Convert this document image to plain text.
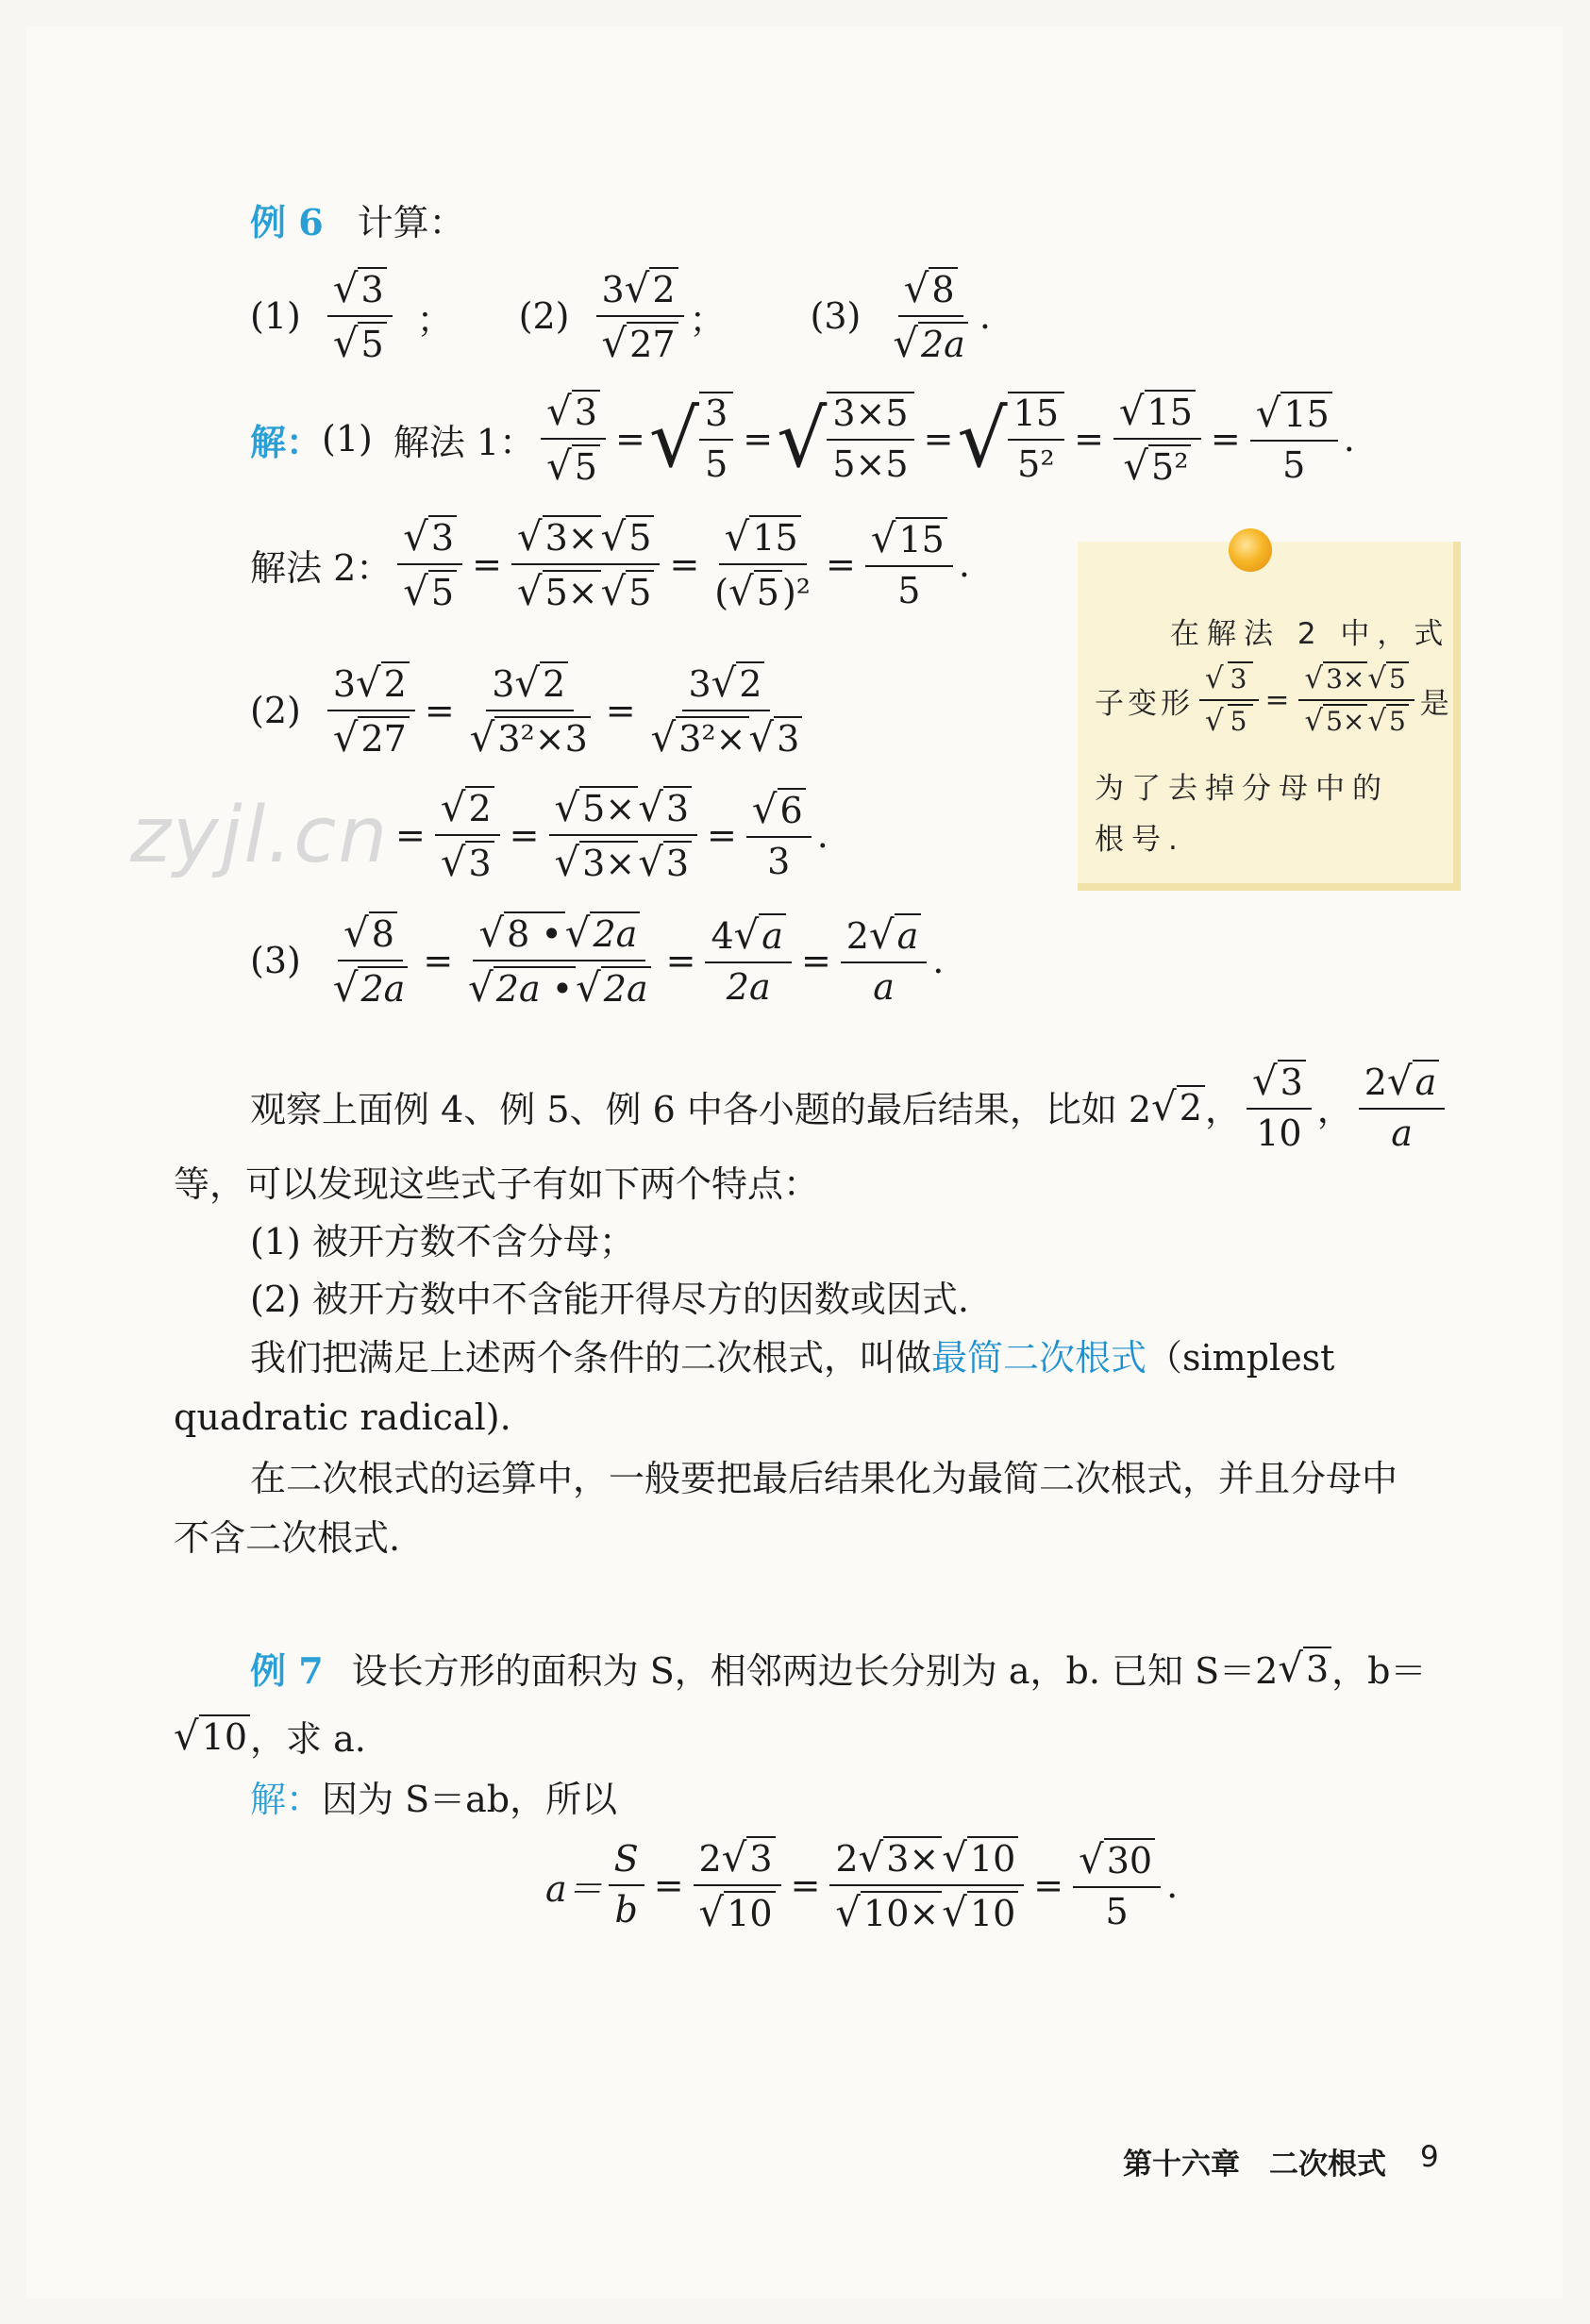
例 6 计算：
$(1) \frac{√3}{√5}$ ； $(2) \frac{3√2}{√27}$ ； $(3) \frac{√8}{√2a}$ .
解： (1) 解法 1： $\frac{√3}{√5}$ = √ $\frac{3}{5}$ = √ $\frac{3\times 5}{5\times 5}$ = √ $\frac{15}{\text{5²}} = \frac{√15}{\text{√5²}} = \frac{√15}{5}$ .
解法 2： $\frac{√3}{√5} = \frac{√3\times√5}{√5\times√5} = \frac{√15}{\text{(√5)²}} = \frac{√15}{5}$ .
$(2) \frac{3√2}{√27} = \frac{3√2}{\text{√3²×3}} = \frac{3√2}{\text{√3²×√3}}$
= $\frac{√2}{√3} = \frac{√5\times√3}{√3\times√3} = \frac{√6}{3}$ .
$(3) \frac{√8}{√2a} = \frac{√8 •√2a}{√2a •√2a} = \frac{4√a}{2a} = \frac{2√a}{a}$ .
在解法 2 中，式
子变形 $\frac{√ 3}{√ 5} = \frac{√ 3\times√ 5}{√ 5\times√ 5}$ 是
为了去掉分母中的
根号.
zyjl.cn
观察上面例 4、例 5、例 6 中各小题的最后结果，比如 2 √2 ， $\frac{√3}{10}$ ， $\frac{2√a}{a}$
等，可以发现这些式子有如下两个特点：
(1) 被开方数不含分母；
(2) 被开方数中不含能开得尽方的因数或因式.
我们把满足上述两个条件的二次根式，叫做最简二次根式（simplest
quadratic radical).
在二次根式的运算中，一般要把最后结果化为最简二次根式，并且分母中
不含二次根式.
例 7 设长方形的面积为 S，相邻两边长分别为 a，b. 已知 S＝2 √3 ，b＝
√10 ，求 a.
解： 因为 S＝ab，所以
$a= \frac{S}{b} = \frac{2√3}{√10} = \frac{2√3\times√10}{√10\times√10} = \frac{√30}{5}$ .
第十六章　二次根式 9
